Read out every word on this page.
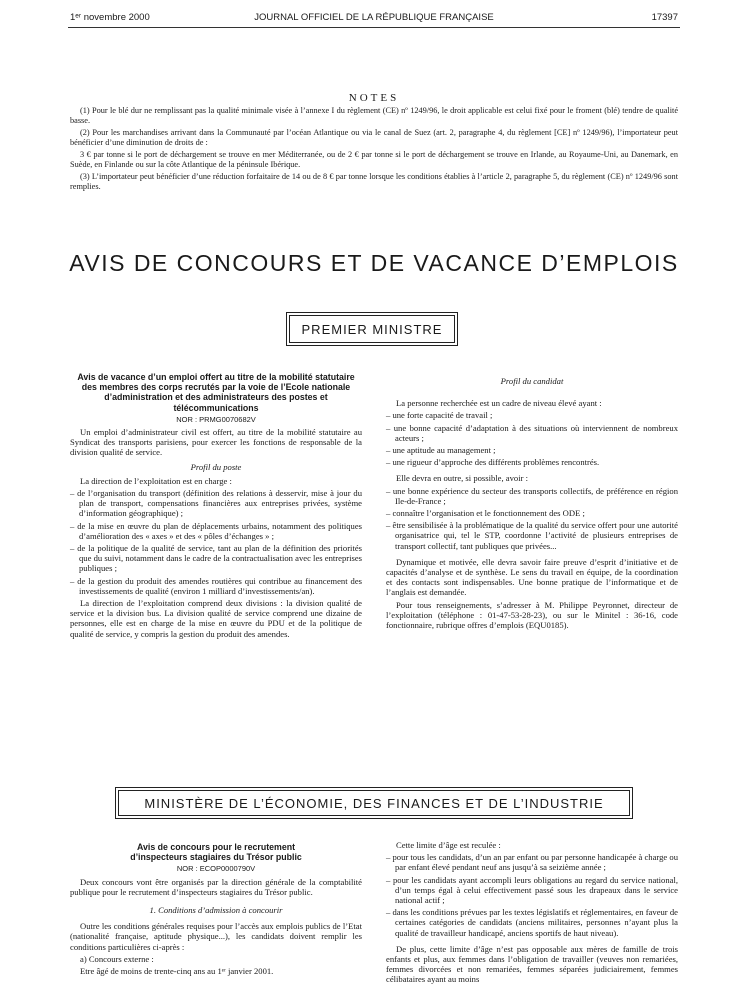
1ᵉʳ novembre 2000	JOURNAL OFFICIEL DE LA RÉPUBLIQUE FRANÇAISE	17397
NOTES

(1) Pour le blé dur ne remplissant pas la qualité minimale visée à l’annexe I du règlement (CE) nº 1249/96, le droit applicable est celui fixé pour le froment (blé) tendre de qualité basse.

(2) Pour les marchandises arrivant dans la Communauté par l’océan Atlantique ou via le canal de Suez (art. 2, paragraphe 4, du règlement [CE] nº 1249/96), l’importateur peut bénéficier d’une diminution de droits de :

3 € par tonne si le port de déchargement se trouve en mer Méditerranée, ou de 2 € par tonne si le port de déchargement se trouve en Irlande, au Royaume-Uni, au Danemark, en Suède, en Finlande ou sur la côte Atlantique de la péninsule Ibérique.

(3) L’importateur peut bénéficier d’une réduction forfaitaire de 14 ou de 8 € par tonne lorsque les conditions établies à l’article 2, paragraphe 5, du règlement (CE) nº 1249/96 sont remplies.

AVIS DE CONCOURS ET DE VACANCE D’EMPLOIS
PREMIER MINISTRE

Avis de vacance d’un emploi offert au titre de la mobilité statutaire des membres des corps recrutés par la voie de l’Ecole nationale d’administration et des administrateurs des postes et télécommunications

NOR : PRMG0070682V

Un emploi d’administrateur civil est offert, au titre de la mobilité statutaire au Syndicat des transports parisiens, pour exercer les fonctions de responsable de la division qualité de service.

Profil du poste

La direction de l’exploitation est en charge :

– de l’organisation du transport (définition des relations à desservir, mise à jour du plan de transport, compensations financières aux entreprises privées, système d’information géographique) ;

– de la mise en œuvre du plan de déplacements urbains, notamment des politiques d’amélioration des « axes » et des « pôles d’échanges » ;

– de la politique de la qualité de service, tant au plan de la définition des priorités que du suivi, notamment dans le cadre de la contractualisation avec les entreprises publiques ;

– de la gestion du produit des amendes routières qui contribue au financement des investissements de qualité (environ 1 milliard d’investissements/an).

La direction de l’exploitation comprend deux divisions : la division qualité de service et la division bus. La division qualité de service comprend une dizaine de personnes, elle est en charge de la mise en œuvre du PDU et de la politique de qualité de service, y compris la gestion du produit des amendes.

Profil du candidat

La personne recherchée est un cadre de niveau élevé ayant :

– une forte capacité de travail ;

– une bonne capacité d’adaptation à des situations où interviennent de nombreux acteurs ;

– une aptitude au management ;

– une rigueur d’approche des différents problèmes rencontrés.

Elle devra en outre, si possible, avoir :

– une bonne expérience du secteur des transports collectifs, de préférence en région Ile-de-France ;

– connaître l’organisation et le fonctionnement des ODE ;

– être sensibilisée à la problématique de la qualité du service offert pour une autorité organisatrice qui, tel le STP, coordonne l’activité de plusieurs entreprises de transport collectif, tant publiques que privées...

Dynamique et motivée, elle devra savoir faire preuve d’esprit d’initiative et de capacités d’analyse et de synthèse. Le sens du travail en équipe, de la coordination et des contacts sont indispensables. Une bonne pratique de l’informatique et de l’anglais est demandée.

Pour tous renseignements, s’adresser à M. Philippe Peyronnet, directeur de l’exploitation (téléphone : 01-47-53-28-23), ou sur le Minitel : 36-16, code fonctionnaire, rubrique offres d’emplois (EQU0185).

MINISTÈRE DE L’ÉCONOMIE, DES FINANCES ET DE L’INDUSTRIE

Avis de concours pour le recrutement d’inspecteurs stagiaires du Trésor public

NOR : ECOP0000790V

Deux concours vont être organisés par la direction générale de la comptabilité publique pour le recrutement d’inspecteurs stagiaires du Trésor public.

1. Conditions d’admission à concourir

Outre les conditions générales requises pour l’accès aux emplois publics de l’Etat (nationalité française, aptitude physique...), les candidats doivent remplir les conditions particulières ci-après :

a) Concours externe :

Etre âgé de moins de trente-cinq ans au 1ᵉʳ janvier 2001.

Cette limite d’âge est reculée :

– pour tous les candidats, d’un an par enfant ou par personne handicapée à charge ou par enfant élevé pendant neuf ans jusqu’à sa seizième année ;

– pour les candidats ayant accompli leurs obligations au regard du service national, d’un temps égal à celui effectivement passé sous les drapeaux dans le service national actif ;

– dans les conditions prévues par les textes législatifs et réglementaires, en faveur de certaines catégories de candidats (anciens militaires, personnes n’ayant plus la qualité de travailleur handicapé, anciens sportifs de haut niveau).

De plus, cette limite d’âge n’est pas opposable aux mères de famille de trois enfants et plus, aux femmes dans l’obligation de travailler (veuves non remariées, femmes divorcées et non remariées, femmes séparées judiciairement, femmes célibataires ayant au moins
